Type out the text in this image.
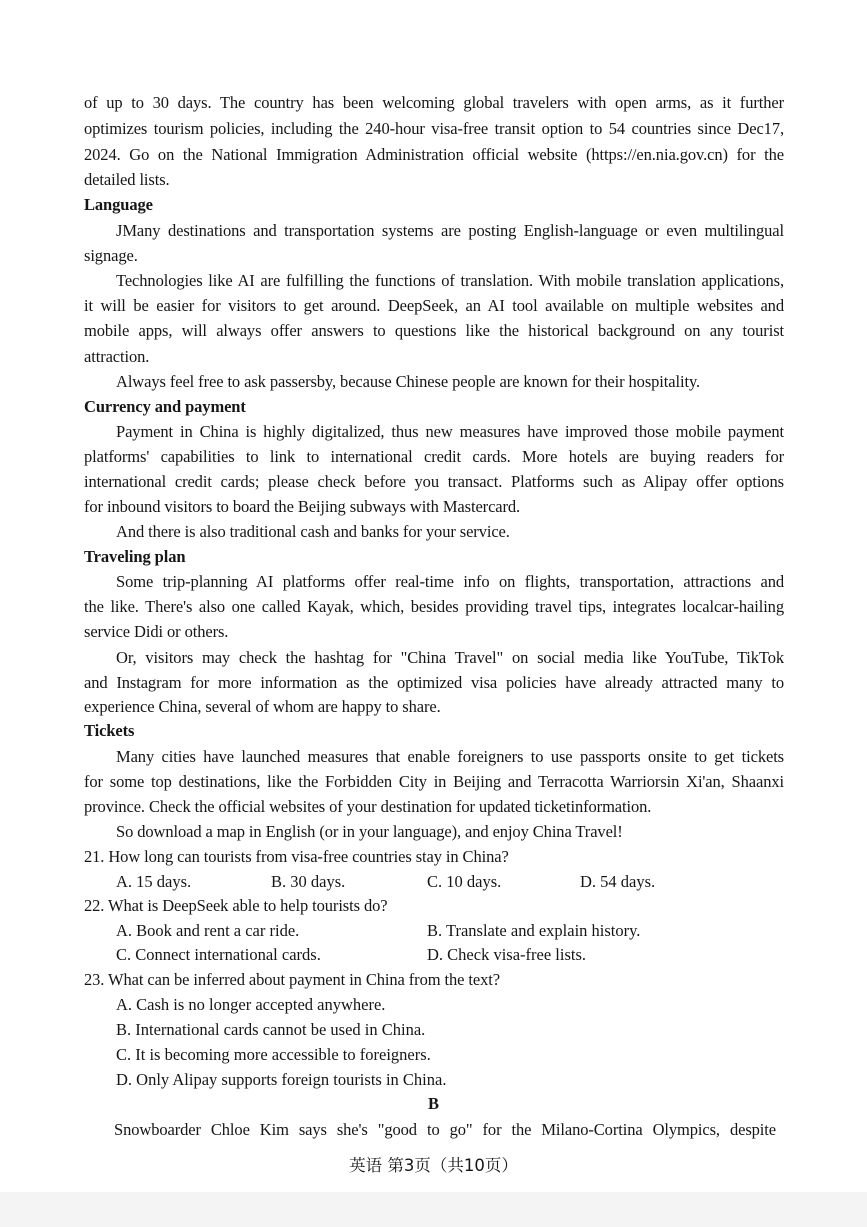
of up to 30 days. The country has been welcoming global travelers with open arms, as it further
optimizes tourism policies, including the 240-hour visa-free transit option to 54 countries since Dec17,
2024. Go on the National Immigration Administration official website (https://en.nia.gov.cn) for the
detailed lists.
Language
JMany destinations and transportation systems are posting English-language or even multilingual
signage.
Technologies like AI are fulfilling the functions of translation. With mobile translation applications,
it will be easier for visitors to get around. DeepSeek, an AI tool available on multiple websites and
mobile apps, will always offer answers to questions like the historical background on any tourist
attraction.
Always feel free to ask passersby, because Chinese people are known for their hospitality.
Currency and payment
Payment in China is highly digitalized, thus new measures have improved those mobile payment
platforms' capabilities to link to international credit cards. More hotels are buying readers for
international credit cards; please check before you transact. Platforms such as Alipay offer options
for inbound visitors to board the Beijing subways with Mastercard.
And there is also traditional cash and banks for your service.
Traveling plan
Some trip-planning AI platforms offer real-time info on flights, transportation, attractions and
the like. There's also one called Kayak, which, besides providing travel tips, integrates localcar-hailing
service Didi or others.
Or, visitors may check the hashtag for "China Travel" on social media like YouTube, TikTok
and Instagram for more information as the optimized visa policies have already attracted many to
experience China, several of whom are happy to share.
Tickets
Many cities have launched measures that enable foreigners to use passports onsite to get tickets
for some top destinations, like the Forbidden City in Beijing and Terracotta Warriorsin Xi'an, Shaanxi
province. Check the official websites of your destination for updated ticketinformation.
So download a map in English (or in your language), and enjoy China Travel!
21. How long can tourists from visa-free countries stay in China?
A. 15 days.	B. 30 days.	C. 10 days.	D. 54 days.
22. What is DeepSeek able to help tourists do?
A. Book and rent a car ride.	B. Translate and explain history.
C. Connect international cards.	D. Check visa-free lists.
23. What can be inferred about payment in China from the text?
A. Cash is no longer accepted anywhere.
B. International cards cannot be used in China.
C. It is becoming more accessible to foreigners.
D. Only Alipay supports foreign tourists in China.
B
Snowboarder Chloe Kim says she's "good to go" for the Milano-Cortina Olympics, despite
英语 第3页（共10页）
